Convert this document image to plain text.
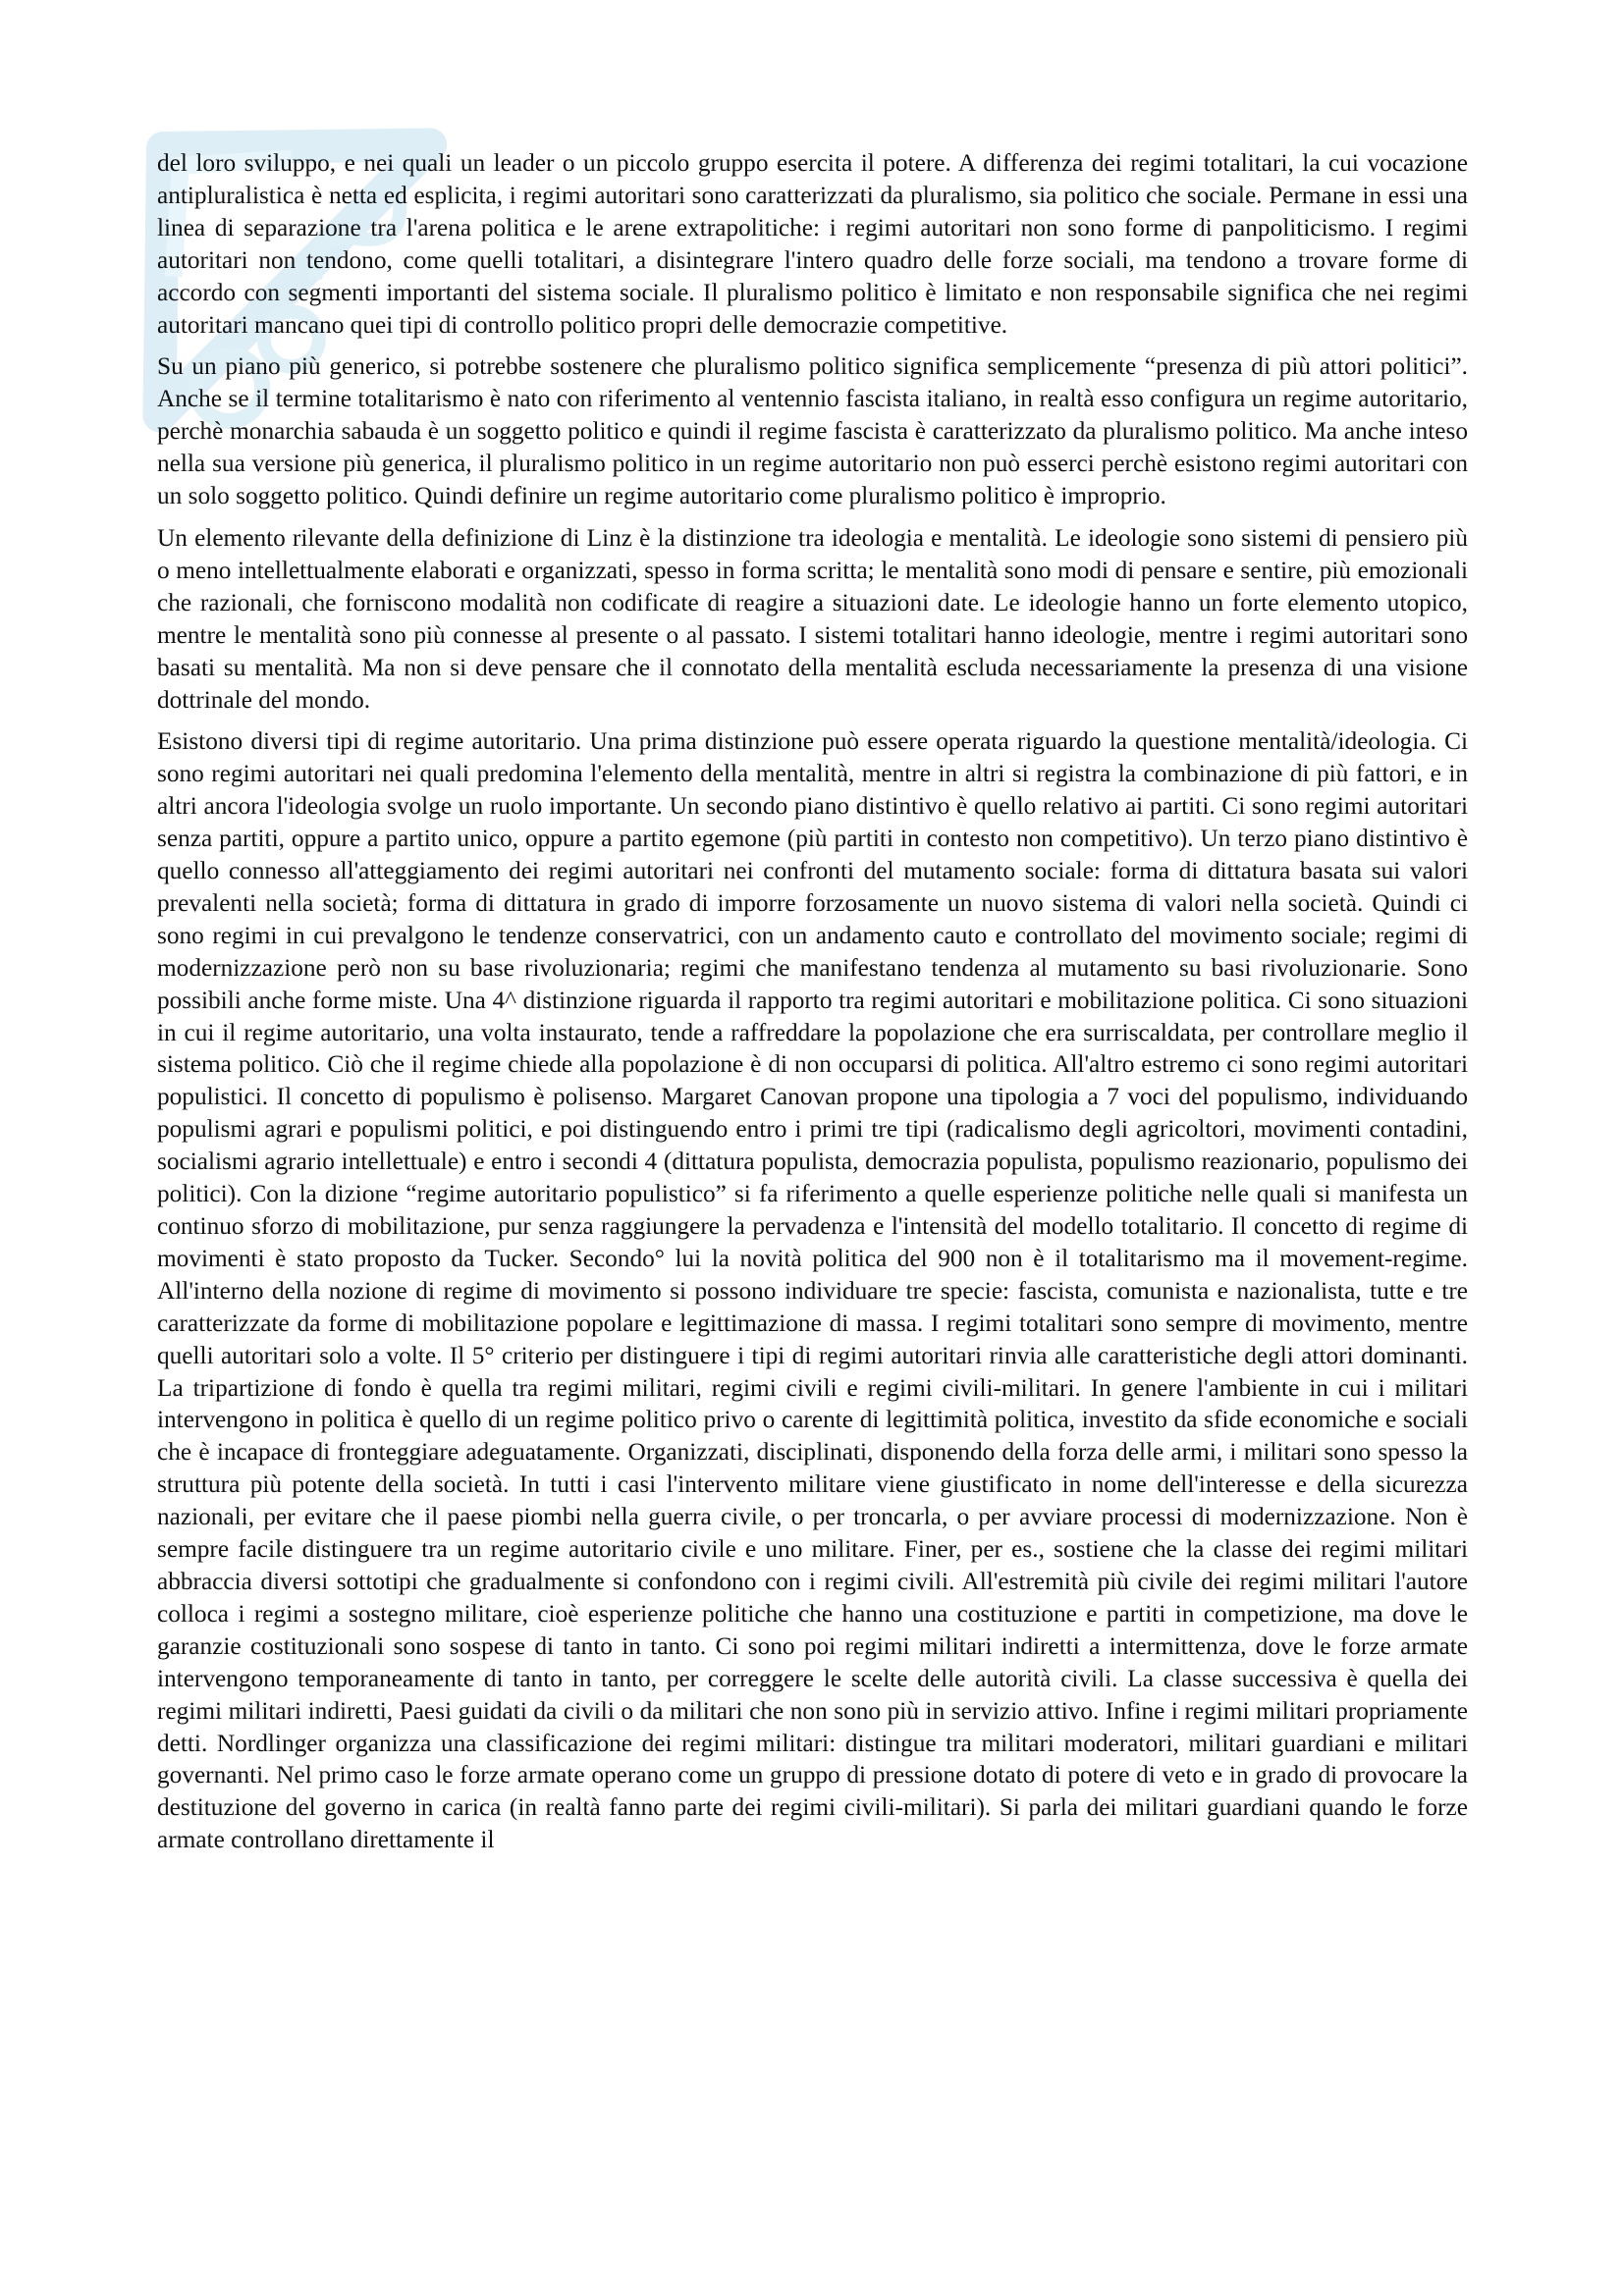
del loro sviluppo, e nei quali un leader o un piccolo gruppo esercita il potere. A differenza dei regimi totalitari, la cui vocazione antipluralistica è netta ed esplicita, i regimi autoritari sono caratterizzati da pluralismo, sia politico che sociale. Permane in essi una linea di separazione tra l'arena politica e le arene extrapolitiche: i regimi autoritari non sono forme di panpoliticismo. I regimi autoritari non tendono, come quelli totalitari, a disintegrare l'intero quadro delle forze sociali, ma tendono a trovare forme di accordo con segmenti importanti del sistema sociale. Il pluralismo politico è limitato e non responsabile significa che nei regimi autoritari mancano quei tipi di controllo politico propri delle democrazie competitive.

Su un piano più generico, si potrebbe sostenere che pluralismo politico significa semplicemente “presenza di più attori politici”. Anche se il termine totalitarismo è nato con riferimento al ventennio fascista italiano, in realtà esso configura un regime autoritario, perchè monarchia sabauda è un soggetto politico e quindi il regime fascista è caratterizzato da pluralismo politico. Ma anche inteso nella sua versione più generica, il pluralismo politico in un regime autoritario non può esserci perchè esistono regimi autoritari con un solo soggetto politico. Quindi definire un regime autoritario come pluralismo politico è improprio.

Un elemento rilevante della definizione di Linz è la distinzione tra ideologia e mentalità. Le ideologie sono sistemi di pensiero più o meno intellettualmente elaborati e organizzati, spesso in forma scritta; le mentalità sono modi di pensare e sentire, più emozionali che razionali, che forniscono modalità non codificate di reagire a situazioni date. Le ideologie hanno un forte elemento utopico, mentre le mentalità sono più connesse al presente o al passato. I sistemi totalitari hanno ideologie, mentre i regimi autoritari sono basati su mentalità. Ma non si deve pensare che il connotato della mentalità escluda necessariamente la presenza di una visione dottrinale del mondo.

Esistono diversi tipi di regime autoritario. Una prima distinzione può essere operata riguardo la questione mentalità/ideologia. Ci sono regimi autoritari nei quali predomina l'elemento della mentalità, mentre in altri si registra la combinazione di più fattori, e in altri ancora l'ideologia svolge un ruolo importante. Un secondo piano distintivo è quello relativo ai partiti. Ci sono regimi autoritari senza partiti, oppure a partito unico, oppure a partito egemone (più partiti in contesto non competitivo). Un terzo piano distintivo è quello connesso all'atteggiamento dei regimi autoritari nei confronti del mutamento sociale: forma di dittatura basata sui valori prevalenti nella società; forma di dittatura in grado di imporre forzosamente un nuovo sistema di valori nella società. Quindi ci sono regimi in cui prevalgono le tendenze conservatrici, con un andamento cauto e controllato del movimento sociale; regimi di modernizzazione però non su base rivoluzionaria; regimi che manifestano tendenza al mutamento su basi rivoluzionarie. Sono possibili anche forme miste. Una 4^ distinzione riguarda il rapporto tra regimi autoritari e mobilitazione politica. Ci sono situazioni in cui il regime autoritario, una volta instaurato, tende a raffreddare la popolazione che era surriscaldata, per controllare meglio il sistema politico. Ciò che il regime chiede alla popolazione è di non occuparsi di politica. All'altro estremo ci sono regimi autoritari populistici. Il concetto di populismo è polisenso. Margaret Canovan propone una tipologia a 7 voci del populismo, individuando populismi agrari e populismi politici, e poi distinguendo entro i primi tre tipi (radicalismo degli agricoltori, movimenti contadini, socialismi agrario intellettuale) e entro i secondi 4 (dittatura populista, democrazia populista, populismo reazionario, populismo dei politici). Con la dizione “regime autoritario populistico” si fa riferimento a quelle esperienze politiche nelle quali si manifesta un continuo sforzo di mobilitazione, pur senza raggiungere la pervadenza e l'intensità del modello totalitario. Il concetto di regime di movimenti è stato proposto da Tucker. Secondo° lui la novità politica del 900 non è il totalitarismo ma il movement-regime. All'interno della nozione di regime di movimento si possono individuare tre specie: fascista, comunista e nazionalista, tutte e tre caratterizzate da forme di mobilitazione popolare e legittimazione di massa. I regimi totalitari sono sempre di movimento, mentre quelli autoritari solo a volte. Il 5° criterio per distinguere i tipi di regimi autoritari rinvia alle caratteristiche degli attori dominanti. La tripartizione di fondo è quella tra regimi militari, regimi civili e regimi civili-militari. In genere l'ambiente in cui i militari intervengono in politica è quello di un regime politico privo o carente di legittimità politica, investito da sfide economiche e sociali che è incapace di fronteggiare adeguatamente. Organizzati, disciplinati, disponendo della forza delle armi, i militari sono spesso la struttura più potente della società. In tutti i casi l'intervento militare viene giustificato in nome dell'interesse e della sicurezza nazionali, per evitare che il paese piombi nella guerra civile, o per troncarla, o per avviare processi di modernizzazione. Non è sempre facile distinguere tra un regime autoritario civile e uno militare. Finer, per es., sostiene che la classe dei regimi militari abbraccia diversi sottotipi che gradualmente si confondono con i regimi civili. All'estremità più civile dei regimi militari l'autore colloca i regimi a sostegno militare, cioè esperienze politiche che hanno una costituzione e partiti in competizione, ma dove le garanzie costituzionali sono sospese di tanto in tanto. Ci sono poi regimi militari indiretti a intermittenza, dove le forze armate intervengono temporaneamente di tanto in tanto, per correggere le scelte delle autorità civili. La classe successiva è quella dei regimi militari indiretti, Paesi guidati da civili o da militari che non sono più in servizio attivo. Infine i regimi militari propriamente detti. Nordlinger organizza una classificazione dei regimi militari: distingue tra militari moderatori, militari guardiani e militari governanti. Nel primo caso le forze armate operano come un gruppo di pressione dotato di potere di veto e in grado di provocare la destituzione del governo in carica (in realtà fanno parte dei regimi civili-militari). Si parla dei militari guardiani quando le forze armate controllano direttamente il
